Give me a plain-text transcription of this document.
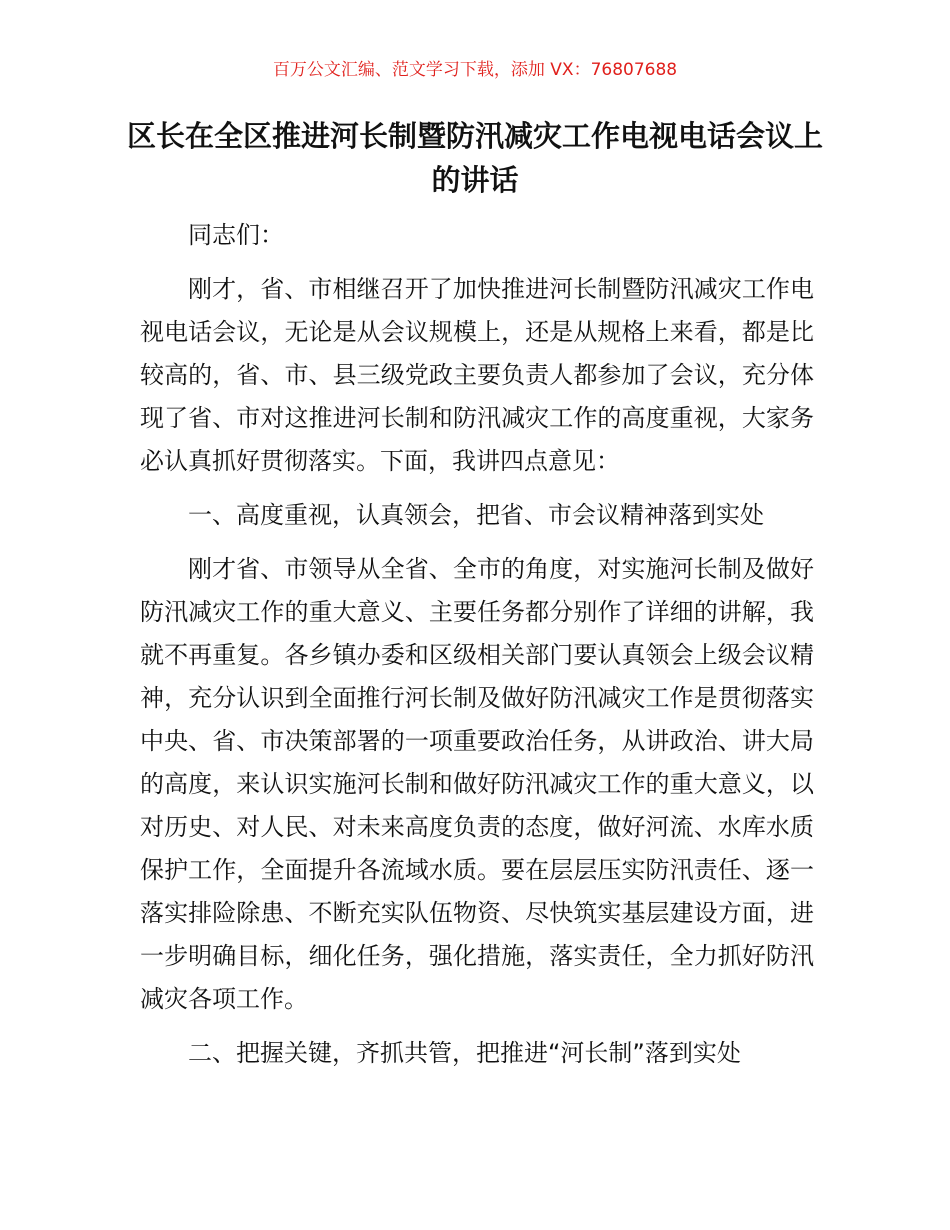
百万公文汇编、范文学习下载，添加 VX：76807688
区长在全区推进河长制暨防汛减灾工作电视电话会议上的讲话

同志们：

刚才，省、市相继召开了加快推进河长制暨防汛减灾工作电视电话会议，无论是从会议规模上，还是从规格上来看，都是比较高的，省、市、县三级党政主要负责人都参加了会议，充分体现了省、市对这推进河长制和防汛减灾工作的高度重视，大家务必认真抓好贯彻落实。下面，我讲四点意见：

一、高度重视，认真领会，把省、市会议精神落到实处

刚才省、市领导从全省、全市的角度，对实施河长制及做好防汛减灾工作的重大意义、主要任务都分别作了详细的讲解，我就不再重复。各乡镇办委和区级相关部门要认真领会上级会议精神，充分认识到全面推行河长制及做好防汛减灾工作是贯彻落实中央、省、市决策部署的一项重要政治任务，从讲政治、讲大局的高度，来认识实施河长制和做好防汛减灾工作的重大意义，以对历史、对人民、对未来高度负责的态度，做好河流、水库水质保护工作，全面提升各流域水质。要在层层压实防汛责任、逐一落实排险除患、不断充实队伍物资、尽快筑实基层建设方面，进一步明确目标，细化任务，强化措施，落实责任，全力抓好防汛减灾各项工作。

二、把握关键，齐抓共管，把推进“河长制”落到实处
